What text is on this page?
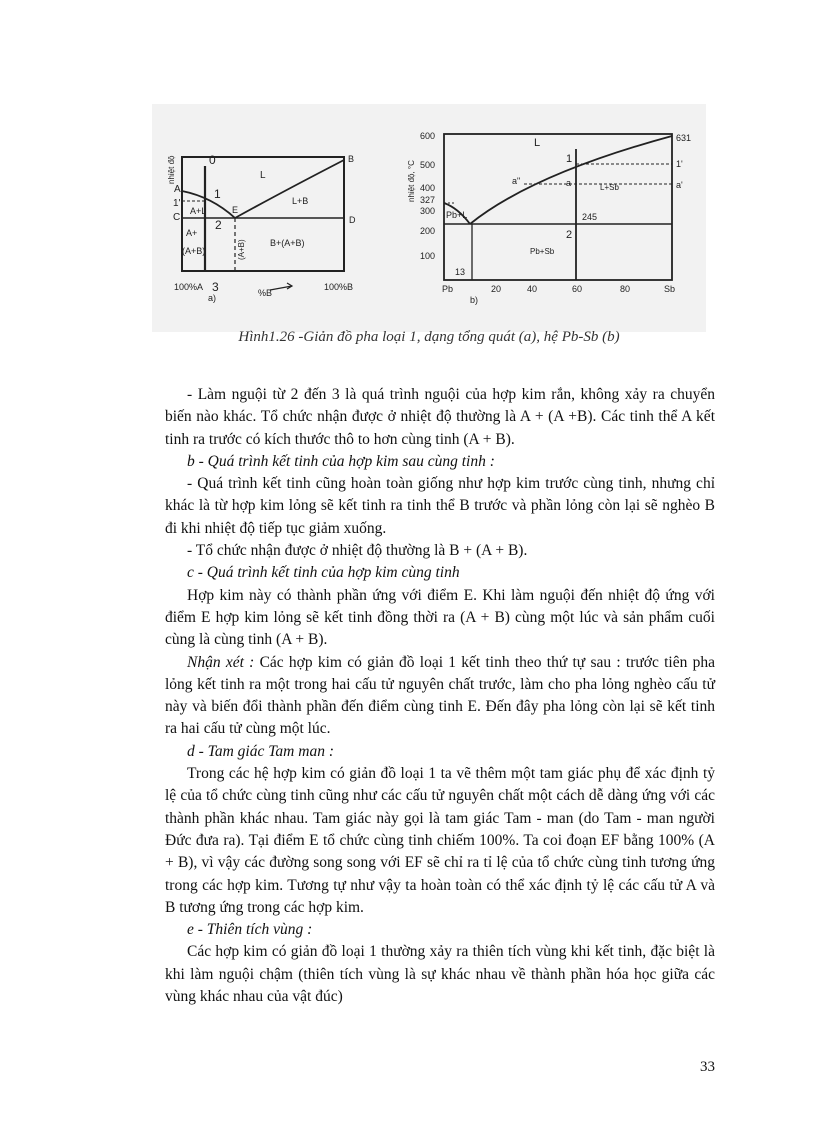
nhiệt độ	0
A	1
1'
C
A+L	E
2
L
B
L+B
D
A+
(A+B)	(A+B)	B+(A+B)
100%A 3	%B
100%B
a)
nhiệt độ, °C
600
500
400
327
300
200
100
Pb	20	40	60	80	Sb
L	631
1	1'
a"	a	a'
L+Sb
Pb+L	245
2
Pb+Sb
13
b)
Hình1.26 -Giản đồ pha loại 1, dạng tổng quát (a), hệ Pb-Sb (b)

- Làm nguội từ 2 đến 3 là quá trình nguội của hợp kim rắn, không xảy ra chuyển biến nào khác. Tổ chức nhận được ở nhiệt độ thường là A + (A +B). Các tinh thể A kết tinh ra trước có kích thước thô to hơn cùng tinh (A + B).

b - Quá trình kết tinh của hợp kim sau cùng tinh :

- Quá trình kết tinh cũng hoàn toàn giống như hợp kim trước cùng tinh, nhưng chỉ khác là từ hợp kim lỏng sẽ kết tinh ra tinh thể B trước và phần lỏng còn lại sẽ nghèo B đi khi nhiệt độ tiếp tục giảm xuống.

- Tổ chức nhận được ở nhiệt độ thường là B + (A + B).

c - Quá trình kết tinh của hợp kim cùng tinh

Hợp kim này có thành phần ứng với điểm E. Khi làm nguội đến nhiệt độ ứng với điểm E hợp kim lỏng sẽ kết tinh đồng thời ra (A + B) cùng một lúc và sản phẩm cuối cùng là cùng tinh (A + B).

Nhận xét : Các hợp kim có giản đồ loại 1 kết tinh theo thứ tự sau : trước tiên pha lỏng kết tinh ra một trong hai cấu tử nguyên chất trước, làm cho pha lỏng nghèo cấu tử này và biến đổi thành phần đến điểm cùng tinh E. Đến đây pha lỏng còn lại sẽ kết tinh ra hai cấu tử cùng một lúc.

d - Tam giác Tam man :

Trong các hệ hợp kim có giản đồ loại 1 ta vẽ thêm một tam giác phụ để xác định tỷ lệ của tổ chức cùng tinh cũng như các cấu tử nguyên chất một cách dễ dàng ứng với các thành phần khác nhau. Tam giác này gọi là tam giác Tam - man (do Tam - man người Đức đưa ra). Tại điểm E tổ chức cùng tinh chiếm 100%. Ta coi đoạn EF bằng 100% (A + B), vì vậy các đường song song với EF sẽ chỉ ra tỉ lệ của tổ chức cùng tinh tương ứng trong các hợp kim. Tương tự như vậy ta hoàn toàn có thể xác định tỷ lệ các cấu tử A và B tương ứng trong các hợp kim.

e - Thiên tích vùng :

Các hợp kim có giản đồ loại 1 thường xảy ra thiên tích vùng khi kết tinh, đặc biệt là khi làm nguội chậm (thiên tích vùng là sự khác nhau về thành phần hóa học giữa các vùng khác nhau của vật đúc)

33
